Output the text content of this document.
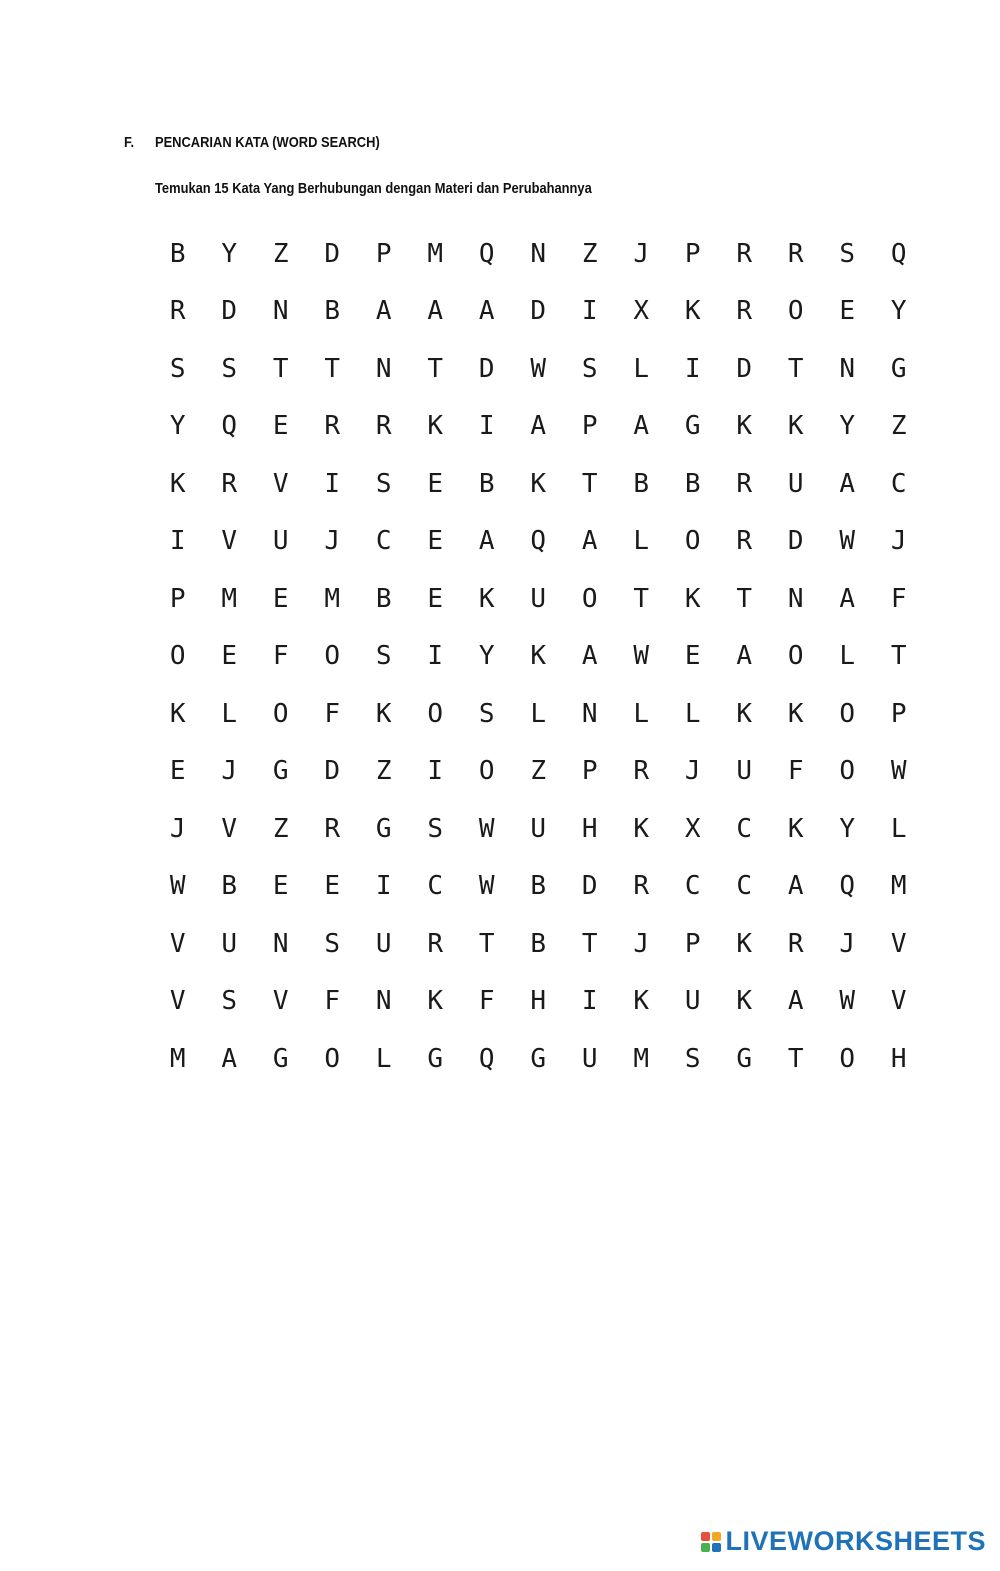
F. PENCARIAN KATA (WORD SEARCH)
Temukan 15 Kata Yang Berhubungan dengan Materi dan Perubahannya
B	Y	Z	D	P	M	Q	N	Z	J	P	R	R	S	Q
R	D	N	B	A	A	A	D	I	X	K	R	O	E	Y
S	S	T	T	N	T	D	W	S	L	I	D	T	N	G
Y	Q	E	R	R	K	I	A	P	A	G	K	K	Y	Z
K	R	V	I	S	E	B	K	T	B	B	R	U	A	C
I	V	U	J	C	E	A	Q	A	L	O	R	D	W	J
P	M	E	M	B	E	K	U	O	T	K	T	N	A	F
O	E	F	O	S	I	Y	K	A	W	E	A	O	L	T
K	L	O	F	K	O	S	L	N	L	L	K	K	O	P
E	J	G	D	Z	I	O	Z	P	R	J	U	F	O	W
J	V	Z	R	G	S	W	U	H	K	X	C	K	Y	L
W	B	E	E	I	C	W	B	D	R	C	C	A	Q	M
V	U	N	S	U	R	T	B	T	J	P	K	R	J	V
V	S	V	F	N	K	F	H	I	K	U	K	A	W	V
M	A	G	O	L	G	Q	G	U	M	S	G	T	O	H
LIVEWORKSHEETS
